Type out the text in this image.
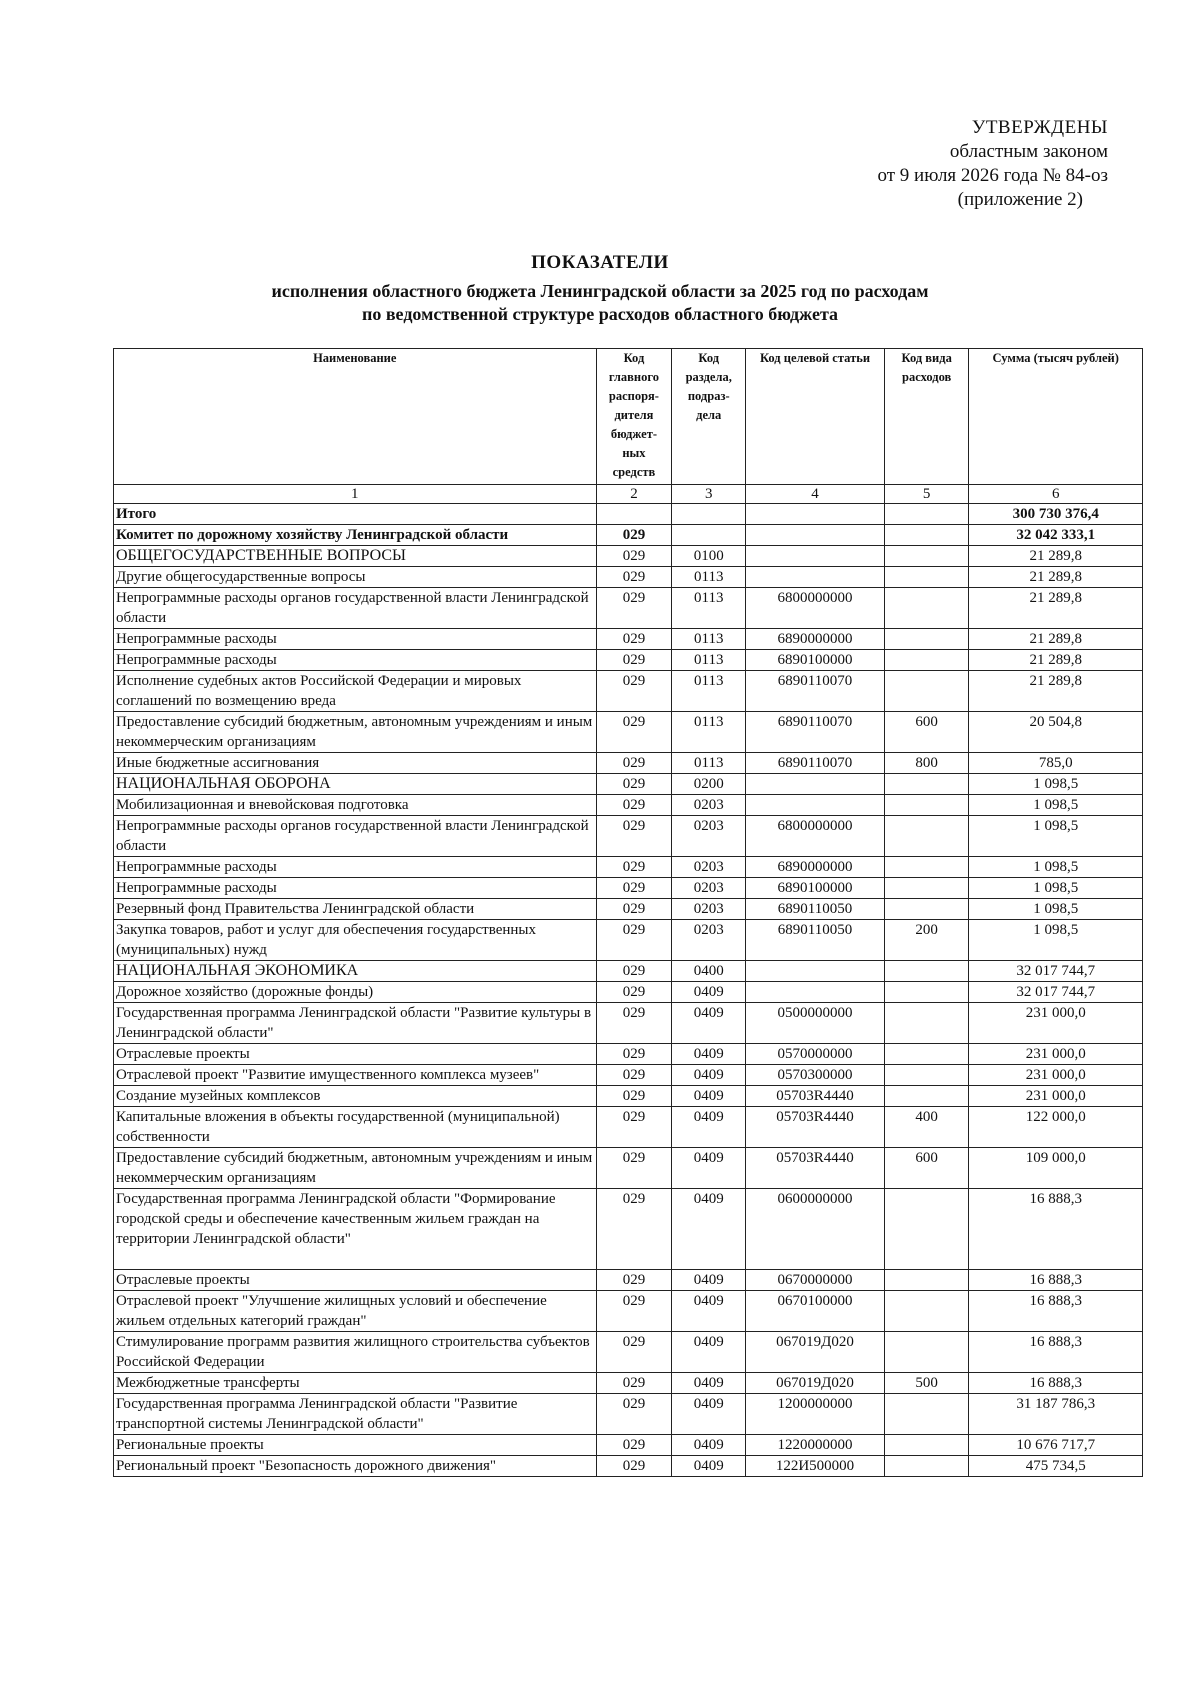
УТВЕРЖДЕНЫ
областным законом
от 9 июля 2026 года № 84-оз
(приложение 2)
ПОКАЗАТЕЛИ
исполнения областного бюджета Ленинградской области за 2025 год по расходам
по ведомственной структуре расходов областного бюджета
Наименование	Код главного распоря- дителя бюджет- ных средств	Код раздела, подраз- дела	Код целевой статьи	Код вида расходов	Сумма (тысяч рублей)
1	2	3	4	5	6
Итого					300 730 376,4
Комитет по дорожному хозяйству Ленинградской области	029				32 042 333,1
ОБЩЕГОСУДАРСТВЕННЫЕ ВОПРОСЫ	029	0100			21 289,8
Другие общегосударственные вопросы	029	0113			21 289,8
Непрограммные расходы органов государственной власти Ленинградской области	029	0113	6800000000		21 289,8
Непрограммные расходы	029	0113	6890000000		21 289,8
Непрограммные расходы	029	0113	6890100000		21 289,8
Исполнение судебных актов Российской Федерации и мировых соглашений по возмещению вреда	029	0113	6890110070		21 289,8
Предоставление субсидий бюджетным, автономным учреждениям и иным некоммерческим организациям	029	0113	6890110070	600	20 504,8
Иные бюджетные ассигнования	029	0113	6890110070	800	785,0
НАЦИОНАЛЬНАЯ ОБОРОНА	029	0200			1 098,5
Мобилизационная и вневойсковая подготовка	029	0203			1 098,5
Непрограммные расходы органов государственной власти Ленинградской области	029	0203	6800000000		1 098,5
Непрограммные расходы	029	0203	6890000000		1 098,5
Непрограммные расходы	029	0203	6890100000		1 098,5
Резервный фонд Правительства Ленинградской области	029	0203	6890110050		1 098,5
Закупка товаров, работ и услуг для обеспечения государственных (муниципальных) нужд	029	0203	6890110050	200	1 098,5
НАЦИОНАЛЬНАЯ ЭКОНОМИКА	029	0400			32 017 744,7
Дорожное хозяйство (дорожные фонды)	029	0409			32 017 744,7
Государственная программа Ленинградской области "Развитие культуры в Ленинградской области"	029	0409	0500000000		231 000,0
Отраслевые проекты	029	0409	0570000000		231 000,0
Отраслевой проект "Развитие имущественного комплекса музеев"	029	0409	0570300000		231 000,0
Создание музейных комплексов	029	0409	05703R4440		231 000,0
Капитальные вложения в объекты государственной (муниципальной) собственности	029	0409	05703R4440	400	122 000,0
Предоставление субсидий бюджетным, автономным учреждениям и иным некоммерческим организациям	029	0409	05703R4440	600	109 000,0
Государственная программа Ленинградской области "Формирование городской среды и обеспечение качественным жильем граждан на территории Ленинградской области"	029	0409	0600000000		16 888,3
Отраслевые проекты	029	0409	0670000000		16 888,3
Отраслевой проект "Улучшение жилищных условий и обеспечение жильем отдельных категорий граждан"	029	0409	0670100000		16 888,3
Стимулирование программ развития жилищного строительства субъектов Российской Федерации	029	0409	067019Д020		16 888,3
Межбюджетные трансферты	029	0409	067019Д020	500	16 888,3
Государственная программа Ленинградской области "Развитие транспортной системы Ленинградской области"	029	0409	1200000000		31 187 786,3
Региональные проекты	029	0409	1220000000		10 676 717,7
Региональный проект "Безопасность дорожного движения"	029	0409	122И500000		475 734,5
